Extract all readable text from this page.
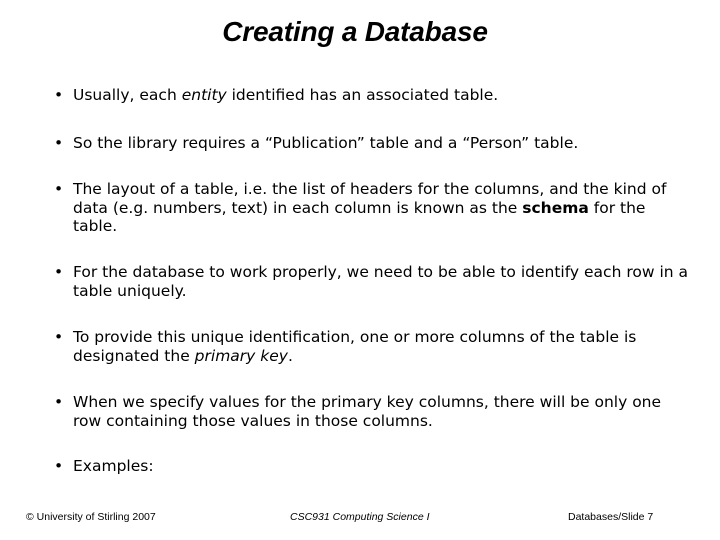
Creating a Database
• Usually, each entity identified has an associated table.
• So the library requires a “Publication” table and a “Person” table.
• The layout of a table, i.e. the list of headers for the columns, and the kind of data (e.g. numbers, text) in each column is known as the schema for the table.
• For the database to work properly, we need to be able to identify each row in a table uniquely.
• To provide this unique identification, one or more columns of the table is designated the primary key.
• When we specify values for the primary key columns, there will be only one row containing those values in those columns.
• Examples:
© University of Stirling 2007	CSC931 Computing Science I	Databases/Slide 7
